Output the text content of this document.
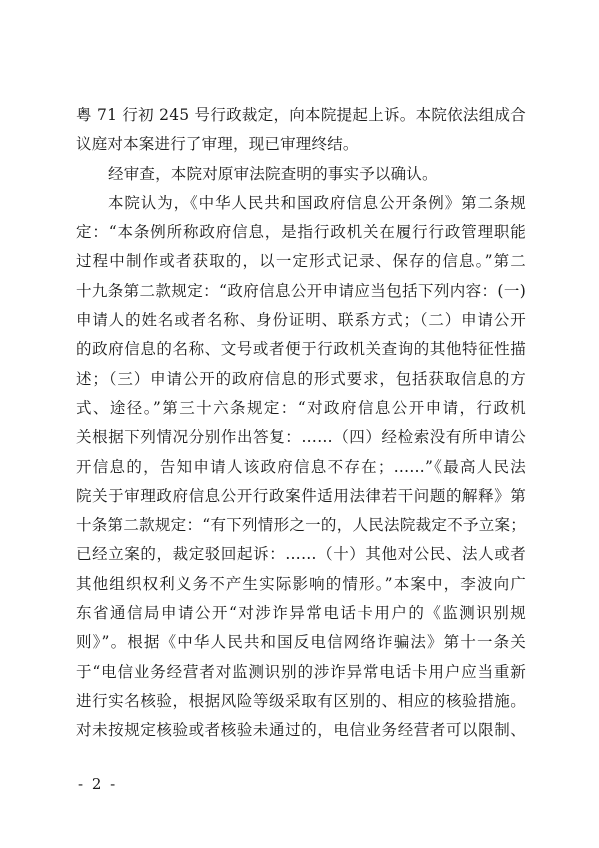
粤 71 行初 245 号行政裁定，向本院提起上诉。本院依法组成合
议庭对本案进行了审理，现已审理终结。
经审查，本院对原审法院查明的事实予以确认。
本院认为，《中华人民共和国政府信息公开条例》第二条规
定：“本条例所称政府信息，是指行政机关在履行行政管理职能
过程中制作或者获取的，以一定形式记录、保存的信息。”第二
十九条第二款规定：“政府信息公开申请应当包括下列内容：(一)
申请人的姓名或者名称、身份证明、联系方式；（二）申请公开
的政府信息的名称、文号或者便于行政机关查询的其他特征性描
述；（三）申请公开的政府信息的形式要求，包括获取信息的方
式、途径。”第三十六条规定：“对政府信息公开申请，行政机
关根据下列情况分别作出答复：……（四）经检索没有所申请公
开信息的，告知申请人该政府信息不存在；……”《最高人民法
院关于审理政府信息公开行政案件适用法律若干问题的解释》第
十条第二款规定：“有下列情形之一的，人民法院裁定不予立案；
已经立案的，裁定驳回起诉：……（十）其他对公民、法人或者
其他组织权利义务不产生实际影响的情形。”本案中，李波向广
东省通信局申请公开“对涉诈异常电话卡用户的《监测识别规
则》”。根据《中华人民共和国反电信网络诈骗法》第十一条关
于“电信业务经营者对监测识别的涉诈异常电话卡用户应当重新
进行实名核验，根据风险等级采取有区别的、相应的核验措施。
对未按规定核验或者核验未通过的，电信业务经营者可以限制、
- 2 -
